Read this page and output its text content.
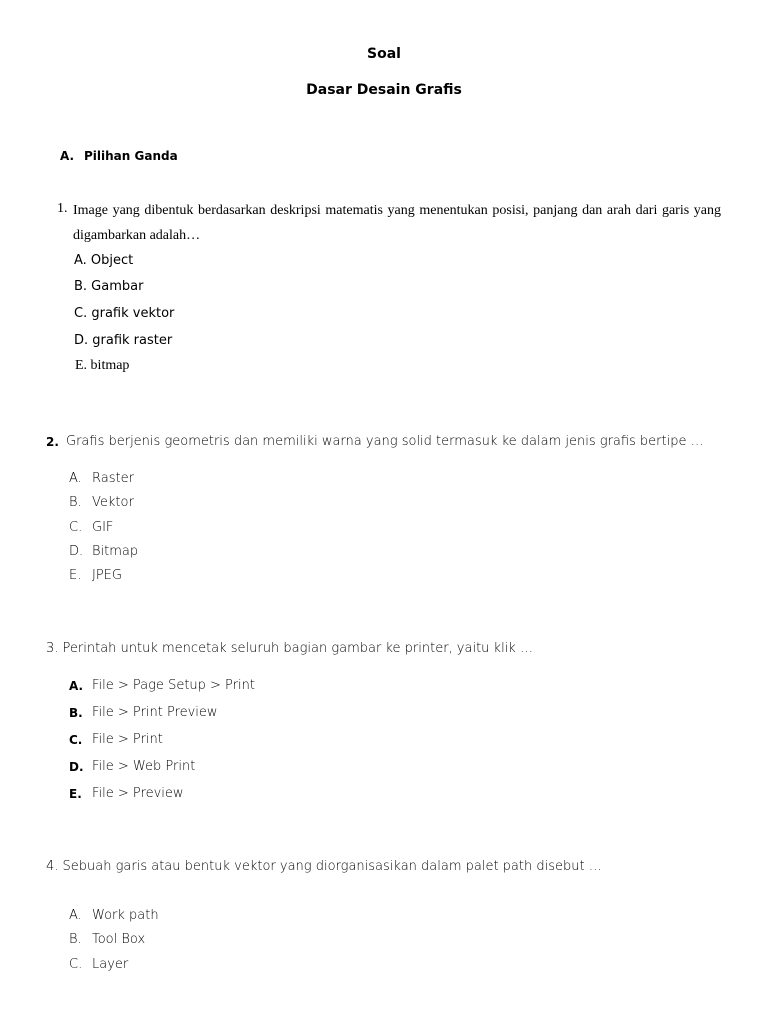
Soal
Dasar Desain Grafis
A. Pilihan Ganda
1. Image yang dibentuk berdasarkan deskripsi matematis yang menentukan posisi, panjang dan arah dari garis yang digambarkan adalah…
A. Object
B. Gambar
C. grafik vektor
D. grafik raster
E. bitmap
2. Grafis berjenis geometris dan memiliki warna yang solid termasuk ke dalam jenis grafis bertipe …
A. Raster
B. Vektor
C. GIF
D. Bitmap
E. JPEG
3. Perintah untuk mencetak seluruh bagian gambar ke printer, yaitu klik …
A. File > Page Setup > Print
B. File > Print Preview
C. File > Print
D. File > Web Print
E. File > Preview
4. Sebuah garis atau bentuk vektor yang diorganisasikan dalam palet path disebut …
A. Work path
B. Tool Box
C. Layer
